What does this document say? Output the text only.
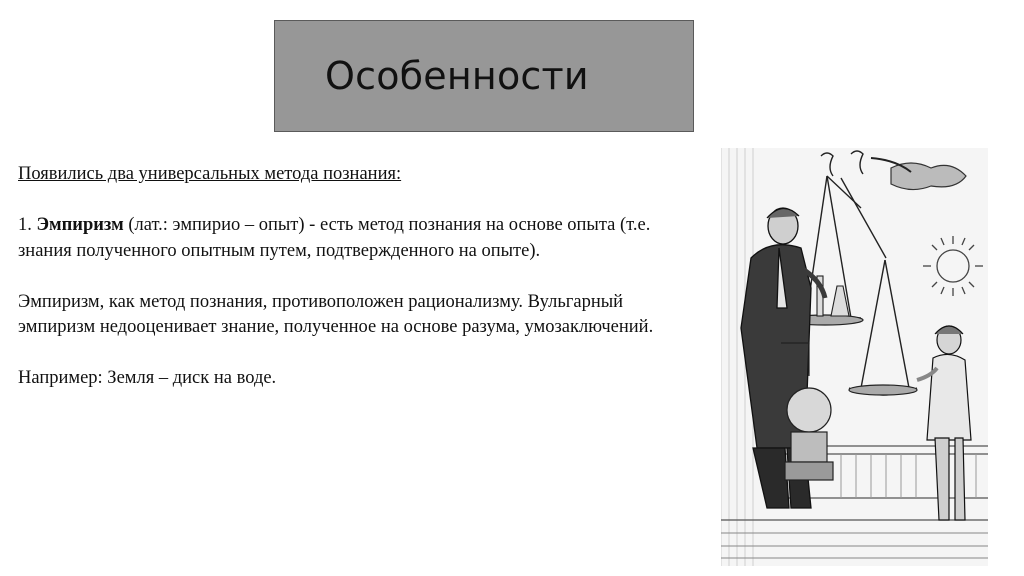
Особенности

Появились два универсальных метода познания:

1. Эмпиризм (лат.: эмпирио – опыт) - есть метод познания на основе опыта (т.е. знания полученного опытным путем, подтвержденного на опыте).

Эмпиризм, как метод познания, противоположен рационализму. Вульгарный эмпиризм недооценивает знание, полученное на основе разума, умозаключений.

Например: Земля – диск на воде.
